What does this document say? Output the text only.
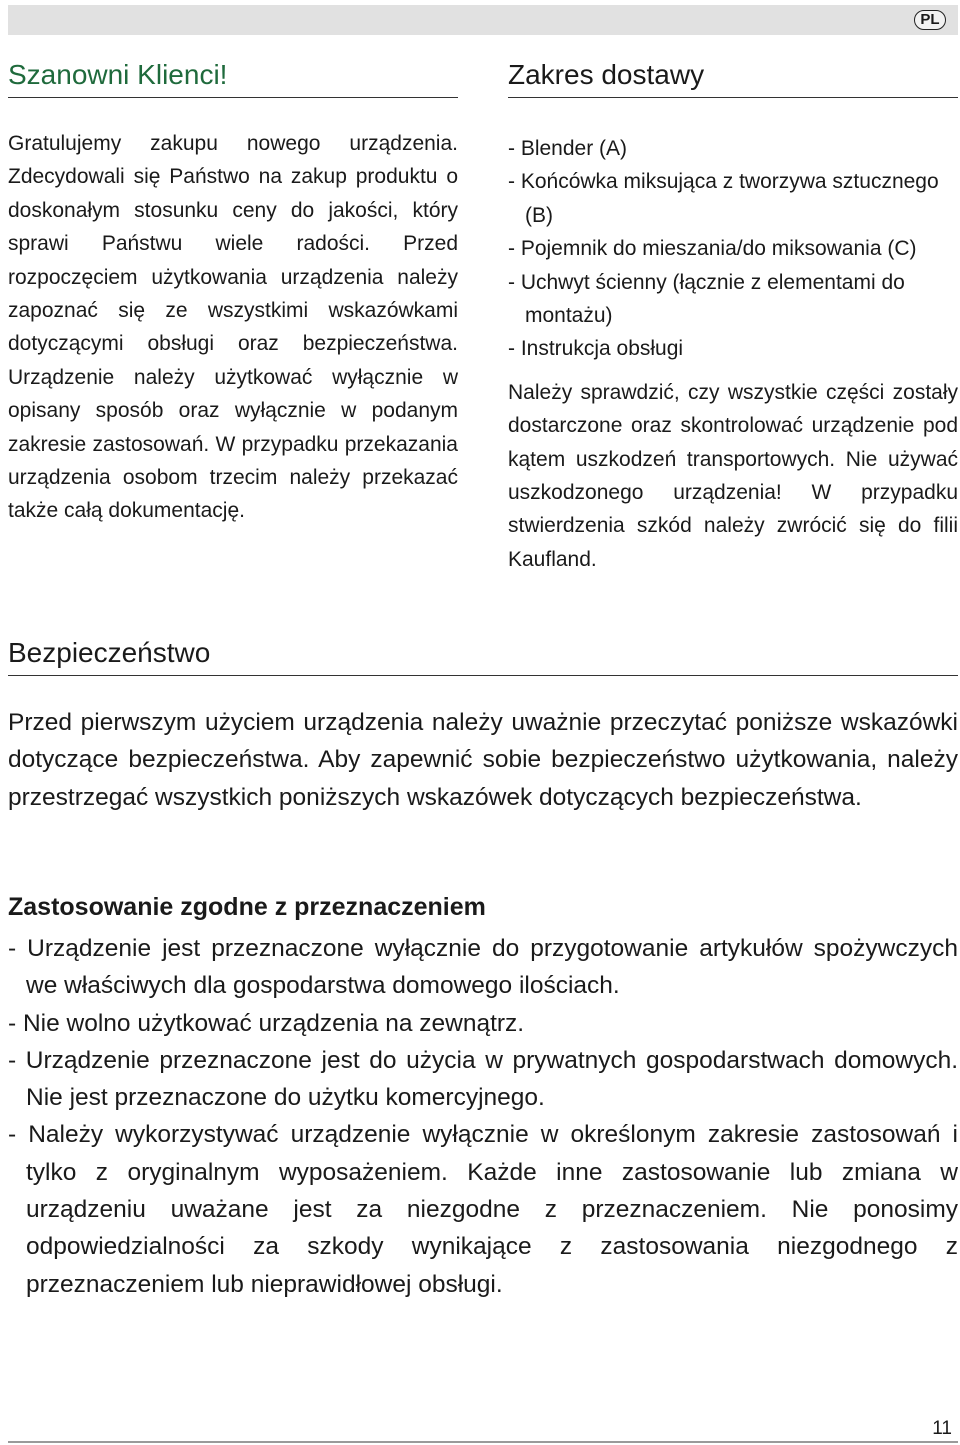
PL
Szanowni Klienci!

Gratulujemy zakupu nowego urządzenia. Zdecydowali się Państwo na zakup produktu o doskonałym stosunku ceny do jakości, który sprawi Państwu wiele radości. Przed rozpoczęciem użytkowania urządzenia należy zapoznać się ze wszystkimi wskazówkami dotyczącymi obsługi oraz bezpieczeństwa. Urządzenie należy użytkować wyłącznie w opisany sposób oraz wyłącznie w podanym zakresie zastosowań. W przypadku przekazania urządzenia osobom trzecim należy przekazać także całą dokumentację.

Zakres dostawy
- Blender (A)
- Końcówka miksująca z tworzywa sztucznego (B)
- Pojemnik do mieszania/do miksowania (C)
- Uchwyt ścienny (łącznie z elementami do montażu)
- Instrukcja obsługi

Należy sprawdzić, czy wszystkie części zostały dostarczone oraz skontrolować urządzenie pod kątem uszkodzeń transportowych. Nie używać uszkodzonego urządzenia! W przypadku stwierdzenia szkód należy zwrócić się do filii Kaufland.

Bezpieczeństwo

Przed pierwszym użyciem urządzenia należy uważnie przeczytać poniższe wskazówki dotyczące bezpieczeństwa. Aby zapewnić sobie bezpieczeństwo użytkowania, należy przestrzegać wszystkich poniższych wskazówek dotyczących bezpieczeństwa.

Zastosowanie zgodne z przeznaczeniem
- Urządzenie jest przeznaczone wyłącznie do przygotowanie artykułów spożywczych we właściwych dla gospodarstwa domowego ilościach.
- Nie wolno użytkować urządzenia na zewnątrz.
- Urządzenie przeznaczone jest do użycia w prywatnych gospodarstwach domowych. Nie jest przeznaczone do użytku komercyjnego.
- Należy wykorzystywać urządzenie wyłącznie w określonym zakresie zastosowań i tylko z oryginalnym wyposażeniem. Każde inne zastosowanie lub zmiana w urządzeniu uważane jest za niezgodne z przeznaczeniem. Nie ponosimy odpowiedzialności za szkody wynikające z zastosowania niezgodnego z przeznaczeniem lub nieprawidłowej obsługi.
11
